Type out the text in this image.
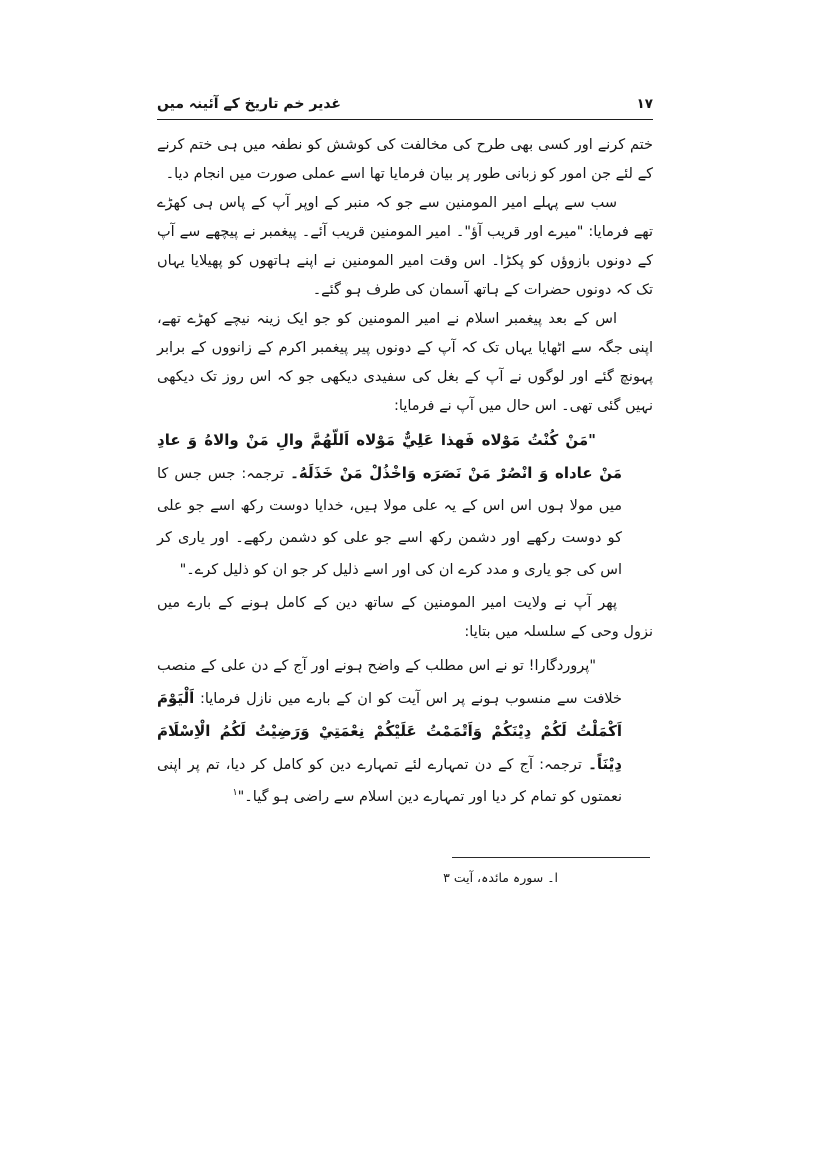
غدیر خم تاریخ کے آئینہ میں	۱۷

ختم کرنے اور کسی بھی طرح کی مخالفت کی کوشش کو نطفہ میں ہی ختم کرنے کے لئے جن امور کو زبانی طور پر بیان فرمایا تھا اسے عملی صورت میں انجام دیا۔

سب سے پہلے امیر المومنین سے جو کہ منبر کے اوپر آپ کے پاس ہی کھڑے تھے فرمایا: "میرے اور قریب آؤ"۔ امیر المومنین قریب آئے۔ پیغمبر نے پیچھے سے آپ کے دونوں بازوؤں کو پکڑا۔ اس وقت امیر المومنین نے اپنے ہاتھوں کو پھیلایا یہاں تک کہ دونوں حضرات کے ہاتھ آسمان کی طرف ہو گئے۔

اس کے بعد پیغمبر اسلام نے امیر المومنین کو جو ایک زینہ نیچے کھڑے تھے، اپنی جگہ سے اٹھایا یہاں تک کہ آپ کے دونوں پیر پیغمبر اکرم کے زانووں کے برابر پہونچ گئے اور لوگوں نے آپ کے بغل کی سفیدی دیکھی جو کہ اس روز تک دیکھی نہیں گئی تھی۔ اس حال میں آپ نے فرمایا:

"مَنْ كُنْتُ مَوْلاه فَهذا عَلِيٌّ مَوْلاه اَللّهُمَّ والِ مَنْ والاهُ وَ عادِ مَنْ عاداه وَ انْصُرْ مَنْ نَصَرَه وَاخْذُلْ مَنْ خَذَلَهُ۔ ترجمہ: جس جس کا میں مولا ہوں اس اس کے یہ علی مولا ہیں، خدایا دوست رکھ اسے جو علی کو دوست رکھے اور دشمن رکھ اسے جو علی کو دشمن رکھے۔ اور یاری کر اس کی جو یاری و مدد کرے ان کی اور اسے ذلیل کر جو ان کو ذلیل کرے۔"

پھر آپ نے ولایت امیر المومنین کے ساتھ دین کے کامل ہونے کے بارے میں نزول وحی کے سلسلہ میں بتایا:

"پروردگارا! تو نے اس مطلب کے واضح ہونے اور آج کے دن علی کے منصب خلافت سے منسوب ہونے پر اس آیت کو ان کے بارے میں نازل فرمایا: اَلْيَوْمَ اَكْمَلْتُ لَكُمْ دِيْنَكُمْ وَاَتْمَمْتُ عَلَيْكُمْ نِعْمَتِيْ وَرَضِيْتُ لَكُمُ الْاِسْلَامَ دِيْنَاً۔ ترجمہ: آج کے دن تمہارے لئے تمہارے دین کو کامل کر دیا، تم پر اپنی نعمتوں کو تمام کر دیا اور تمہارے دین اسلام سے راضی ہو گیا۔"$^۱$

ا۔ سورہ مائدہ، آیت ۳
